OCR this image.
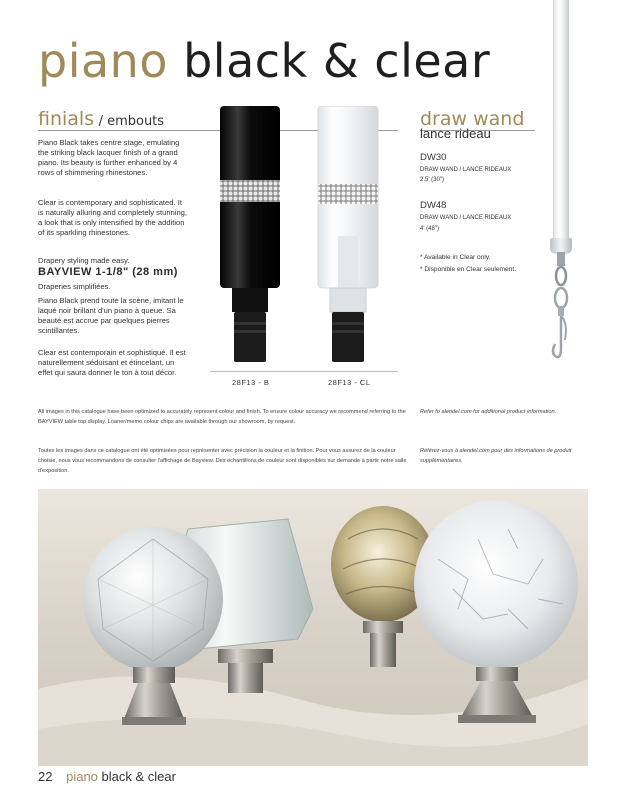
piano black & clear
finials / embouts

Piano Black takes centre stage, emulating the striking black lacquer finish of a grand piano. Its beauty is further enhanced by 4 rows of shimmering rhinestones.

Clear is contemporary and sophisticated. It is naturally alluring and completely stunning, a look that is only intensified by the addition of its sparkling rhinestones.

Drapery styling made easy.

BAYVIEW 1-1/8" (28 mm)

Draperies simplifiées.

Piano Black prend toute la scène, imitant le laqué noir brillant d'un piano à queue. Sa beauté est accrue par quelques pierres scintillantes.

Clear est contemporain et sophistiqué. Il est naturellement séduisant et étincelant, un effet qui saura donner le ton à tout décor.

28F13 - B	28F13 - CL
draw wand
lance rideau
DW30
DRAW WAND / LANCE RIDEAUX
2.5' (30")
DW48
DRAW WAND / LANCE RIDEAUX
4' (48")
* Available in Clear only.
* Disponible en Clear seulement.

All images in this catalogue have been optimized to accurately represent colour and finish. To ensure colour accuracy we recommend referring to the BAYVIEW table top display. Loaner/memo colour chips are available through our showroom, by request.

Toutes les images dans ce catalogue ont été optimisées pour représenter avec précision la couleur et la finition. Pour vous assurez de la couleur choisie, nous vous recommandons de consulter l'affichage de Bayview. Des échantillons de couleur sont disponibles sur demande à partir notre salle d'exposition.

Refer to alendel.com for additional product information.

Référez-vous à alendel.com pour des informations de produit supplémentaires.

22 piano black & clear
